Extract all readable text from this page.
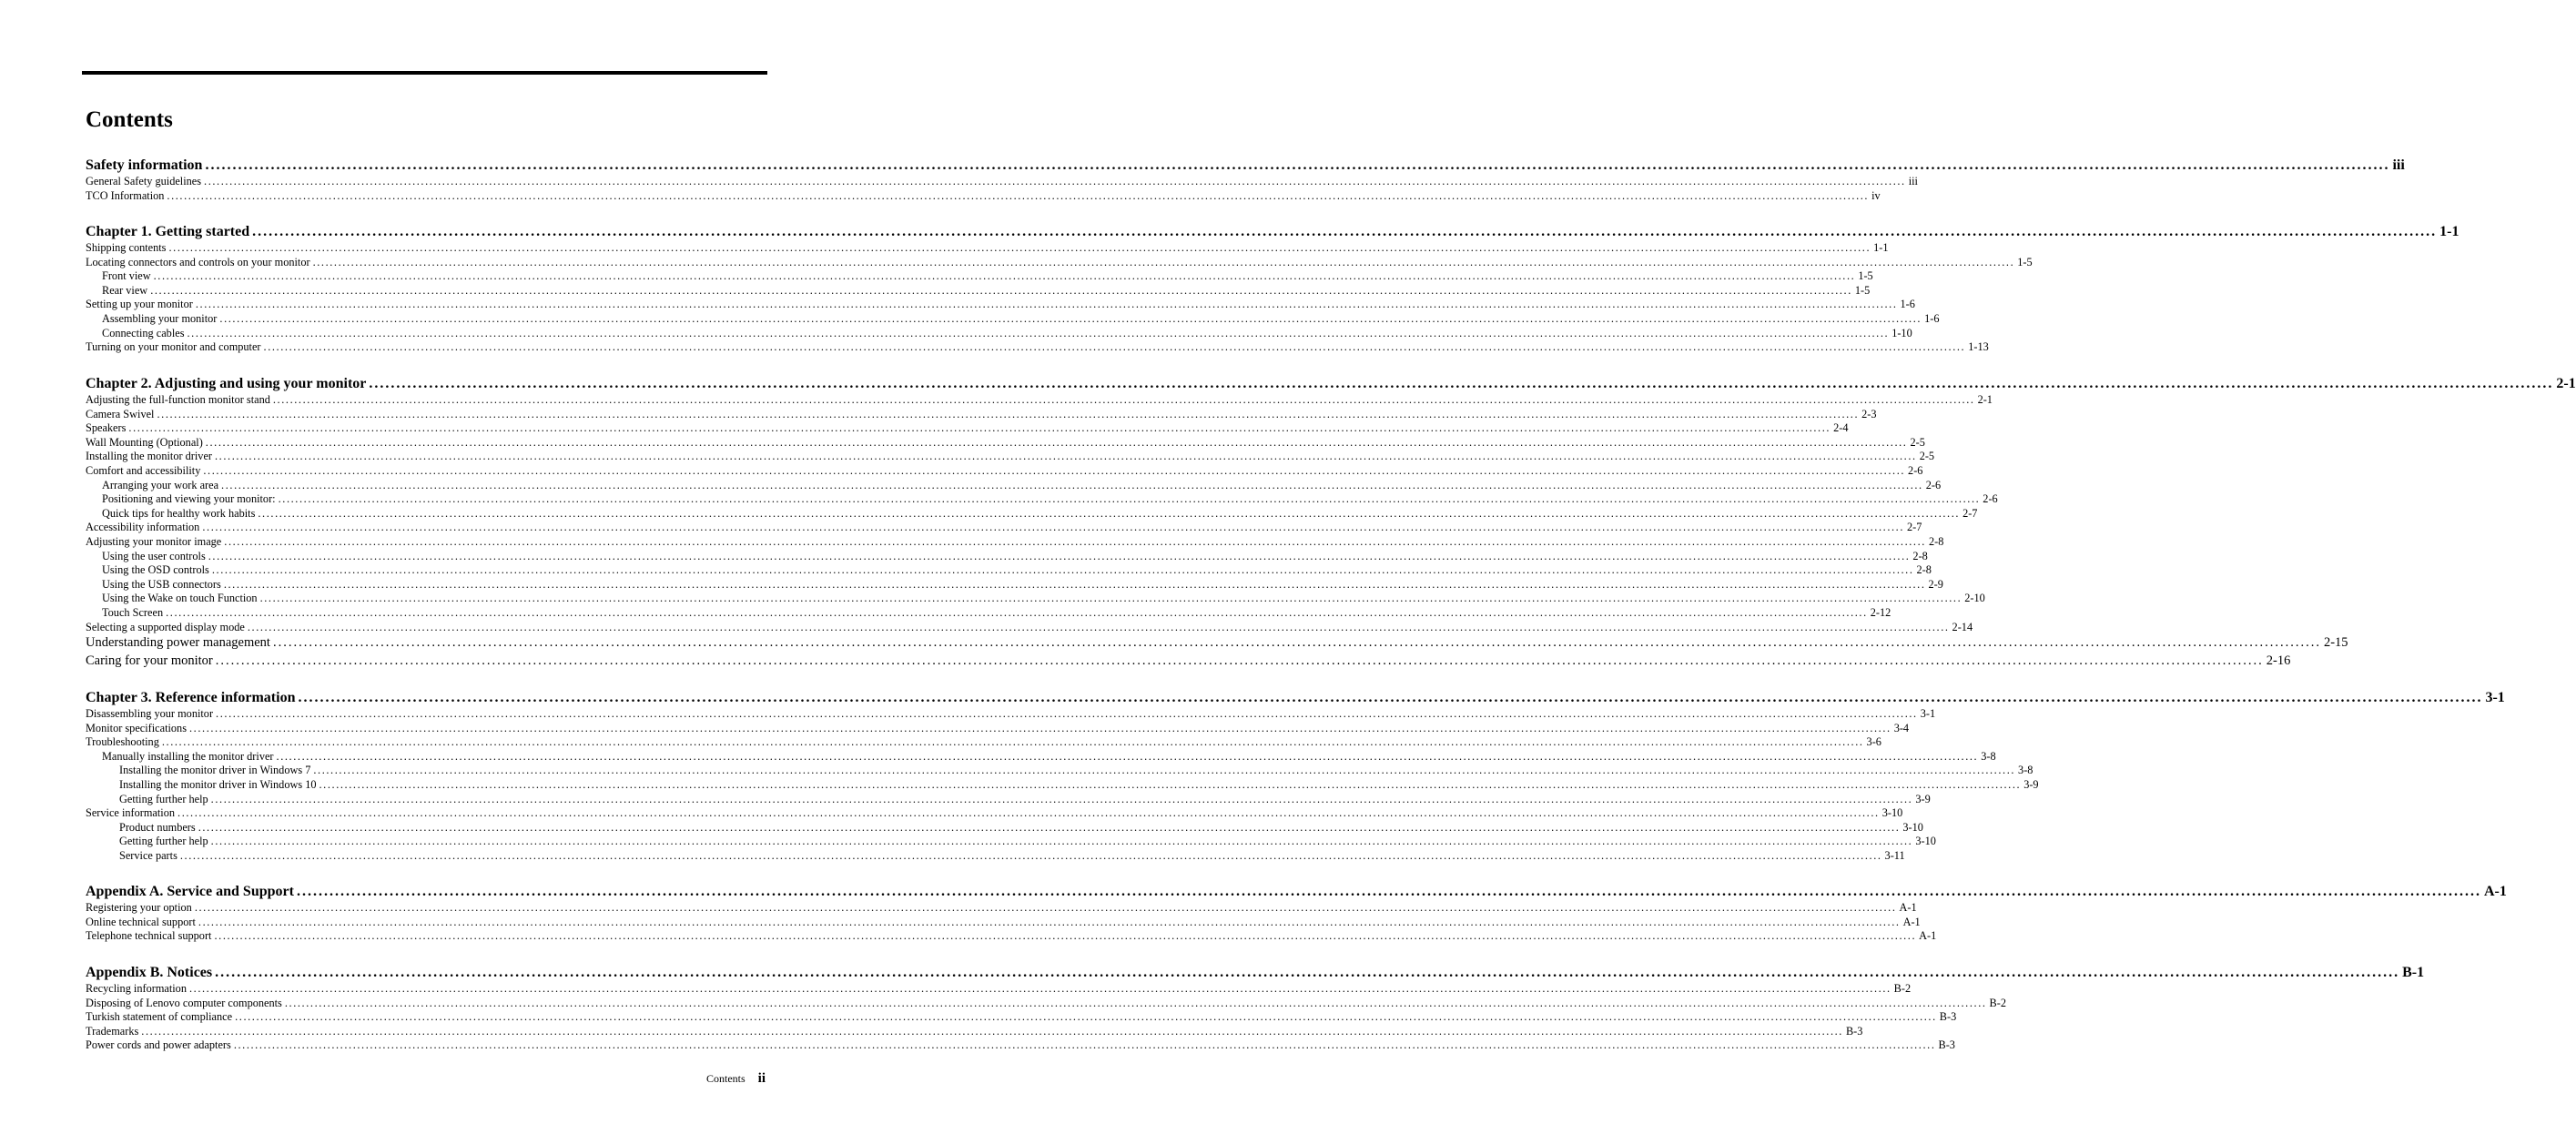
Contents
Safety information ................................................................................................................................................................................................................................................................................................................................................................................................................ iii
General Safety guidelines ................................................................................................................................................................................................................................................................................................................................................................................................................ iii
TCO Information ................................................................................................................................................................................................................................................................................................................................................................................................................ iv
Chapter 1. Getting started ................................................................................................................................................................................................................................................................................................................................................................................................................ 1-1
Shipping contents ................................................................................................................................................................................................................................................................................................................................................................................................................ 1-1
Locating connectors and controls on your monitor ................................................................................................................................................................................................................................................................................................................................................................................................................ 1-5
Front view ................................................................................................................................................................................................................................................................................................................................................................................................................ 1-5
Rear view ................................................................................................................................................................................................................................................................................................................................................................................................................ 1-5
Setting up your monitor ................................................................................................................................................................................................................................................................................................................................................................................................................ 1-6
Assembling your monitor ................................................................................................................................................................................................................................................................................................................................................................................................................ 1-6
Connecting cables ................................................................................................................................................................................................................................................................................................................................................................................................................ 1-10
Turning on your monitor and computer ................................................................................................................................................................................................................................................................................................................................................................................................................ 1-13
Chapter 2. Adjusting and using your monitor ................................................................................................................................................................................................................................................................................................................................................................................................................ 2-1
Adjusting the full-function monitor stand ................................................................................................................................................................................................................................................................................................................................................................................................................ 2-1
Camera Swivel ................................................................................................................................................................................................................................................................................................................................................................................................................ 2-3
Speakers ................................................................................................................................................................................................................................................................................................................................................................................................................ 2-4
Wall Mounting (Optional) ................................................................................................................................................................................................................................................................................................................................................................................................................ 2-5
Installing the monitor driver ................................................................................................................................................................................................................................................................................................................................................................................................................ 2-5
Comfort and accessibility ................................................................................................................................................................................................................................................................................................................................................................................................................ 2-6
Arranging your work area ................................................................................................................................................................................................................................................................................................................................................................................................................ 2-6
Positioning and viewing your monitor: ................................................................................................................................................................................................................................................................................................................................................................................................................ 2-6
Quick tips for healthy work habits ................................................................................................................................................................................................................................................................................................................................................................................................................ 2-7
Accessibility information ................................................................................................................................................................................................................................................................................................................................................................................................................ 2-7
Adjusting your monitor image ................................................................................................................................................................................................................................................................................................................................................................................................................ 2-8
Using the user controls ................................................................................................................................................................................................................................................................................................................................................................................................................ 2-8
Using the OSD controls ................................................................................................................................................................................................................................................................................................................................................................................................................ 2-8
Using the USB connectors ................................................................................................................................................................................................................................................................................................................................................................................................................ 2-9
Using the Wake on touch Function ................................................................................................................................................................................................................................................................................................................................................................................................................ 2-10
Touch Screen ................................................................................................................................................................................................................................................................................................................................................................................................................ 2-12
Selecting a supported display mode ................................................................................................................................................................................................................................................................................................................................................................................................................ 2-14
Understanding power management ................................................................................................................................................................................................................................................................................................................................................................................................................ 2-15
Caring for your monitor ................................................................................................................................................................................................................................................................................................................................................................................................................ 2-16
Chapter 3. Reference information ................................................................................................................................................................................................................................................................................................................................................................................................................ 3-1
Disassembling your monitor ................................................................................................................................................................................................................................................................................................................................................................................................................ 3-1
Monitor specifications ................................................................................................................................................................................................................................................................................................................................................................................................................ 3-4
Troubleshooting ................................................................................................................................................................................................................................................................................................................................................................................................................ 3-6
Manually installing the monitor driver ................................................................................................................................................................................................................................................................................................................................................................................................................ 3-8
Installing the monitor driver in Windows 7 ................................................................................................................................................................................................................................................................................................................................................................................................................ 3-8
Installing the monitor driver in Windows 10 ................................................................................................................................................................................................................................................................................................................................................................................................................ 3-9
Getting further help ................................................................................................................................................................................................................................................................................................................................................................................................................ 3-9
Service information ................................................................................................................................................................................................................................................................................................................................................................................................................ 3-10
Product numbers ................................................................................................................................................................................................................................................................................................................................................................................................................ 3-10
Getting further help ................................................................................................................................................................................................................................................................................................................................................................................................................ 3-10
Service parts ................................................................................................................................................................................................................................................................................................................................................................................................................ 3-11
Appendix A. Service and Support ................................................................................................................................................................................................................................................................................................................................................................................................................ A-1
Registering your option ................................................................................................................................................................................................................................................................................................................................................................................................................ A-1
Online technical support ................................................................................................................................................................................................................................................................................................................................................................................................................ A-1
Telephone technical support ................................................................................................................................................................................................................................................................................................................................................................................................................ A-1
Appendix B. Notices ................................................................................................................................................................................................................................................................................................................................................................................................................ B-1
Recycling information ................................................................................................................................................................................................................................................................................................................................................................................................................ B-2
Disposing of Lenovo computer components ................................................................................................................................................................................................................................................................................................................................................................................................................ B-2
Turkish statement of compliance ................................................................................................................................................................................................................................................................................................................................................................................................................ B-3
Trademarks ................................................................................................................................................................................................................................................................................................................................................................................................................ B-3
Power cords and power adapters ................................................................................................................................................................................................................................................................................................................................................................................................................ B-3
Contents ii
